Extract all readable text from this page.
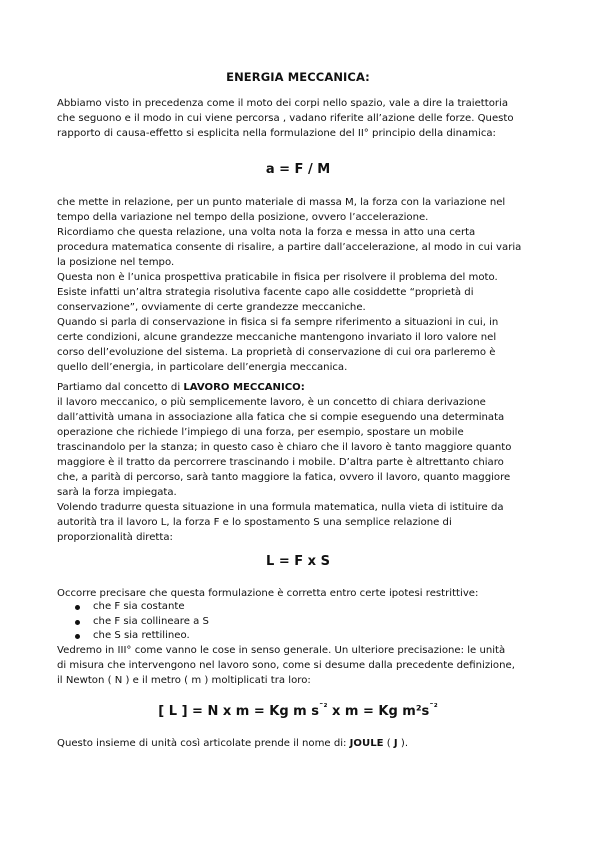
ENERGIA MECCANICA:
Abbiamo visto in precedenza come il moto dei corpi nello spazio, vale a dire la traiettoria
che seguono e il modo in cui viene percorsa , vadano riferite all’azione delle forze. Questo
rapporto di causa-effetto si esplicita nella formulazione del II° principio della dinamica:
a = F / M
che mette in relazione, per un punto materiale di massa M, la forza con la variazione nel
tempo della variazione nel tempo della posizione, ovvero l’accelerazione.
Ricordiamo che questa relazione, una volta nota la forza e messa in atto una certa
procedura matematica consente di risalire, a partire dall’accelerazione, al modo in cui varia
la posizione nel tempo.
Questa non è l’unica prospettiva praticabile in fisica per risolvere il problema del moto.
Esiste infatti un’altra strategia risolutiva facente capo alle cosiddette “proprietà di
conservazione”, ovviamente di certe grandezze meccaniche.
Quando si parla di conservazione in fisica si fa sempre riferimento a situazioni in cui, in
certe condizioni, alcune grandezze meccaniche mantengono invariato il loro valore nel
corso dell’evoluzione del sistema. La proprietà di conservazione di cui ora parleremo è
quello dell’energia, in particolare dell’energia meccanica.
Partiamo dal concetto di LAVORO MECCANICO:
il lavoro meccanico, o più semplicemente lavoro, è un concetto di chiara derivazione
dall’attività umana in associazione alla fatica che si compie eseguendo una determinata
operazione che richiede l’impiego di una forza, per esempio, spostare un mobile
trascinandolo per la stanza; in questo caso è chiaro che il lavoro è tanto maggiore quanto
maggiore è il tratto da percorrere trascinando i mobile. D’altra parte è altrettanto chiaro
che, a parità di percorso, sarà tanto maggiore la fatica, ovvero il lavoro, quanto maggiore
sarà la forza impiegata.
Volendo tradurre questa situazione in una formula matematica, nulla vieta di istituire da
autorità tra il lavoro L, la forza F e lo spostamento S una semplice relazione di
proporzionalità diretta:
L = F x S
Occorre precisare che questa formulazione è corretta entro certe ipotesi restrittive:
che F sia costante
che F sia collineare a S
che S sia rettilineo.
Vedremo in III° come vanno le cose in senso generale. Un ulteriore precisazione: le unità
di misura che intervengono nel lavoro sono, come si desume dalla precedente definizione,
il Newton ( N ) e il metro ( m ) moltiplicati tra loro:
[ L ] = N x m = Kg m $s^{¯^2}$ x m = Kg $m^2s^{¯^2}$
Questo insieme di unità così articolate prende il nome di: JOULE ( J ).
